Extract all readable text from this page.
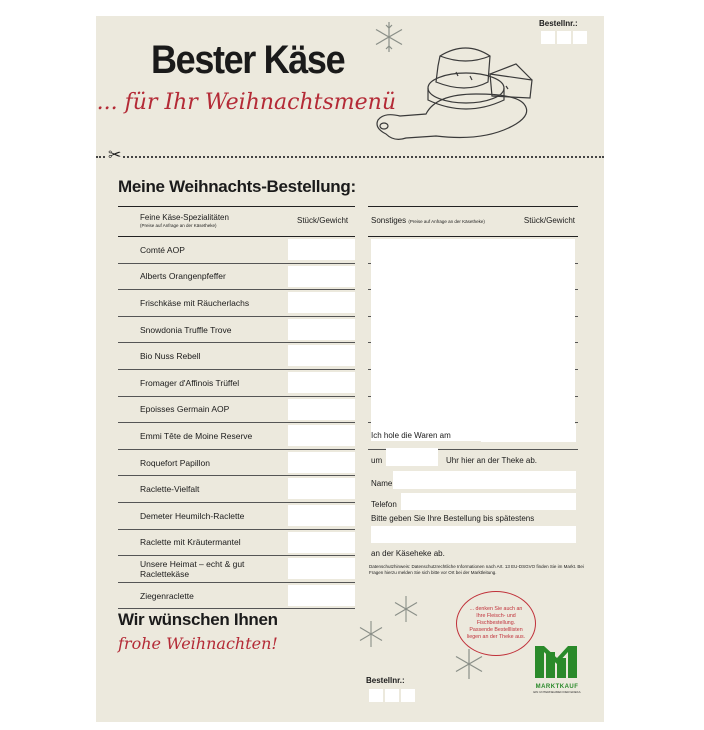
Bestellnr.:
Bester Käse
... für Ihr Weihnachtsmenü
✂
Meine Weihnachts-Bestellung:
Feine Käse-Spezialitäten
(Preise auf Anfrage an der Käsetheke)
Stück/Gewicht
Comté AOP
Alberts Orangenpfeffer
Frischkäse mit Räucherlachs
Snowdonia Truffle Trove
Bio Nuss Rebell
Fromager d'Affinois Trüffel
Epoisses Germain AOP
Emmi Tête de Moine Reserve
Roquefort Papillon
Raclette-Vielfalt
Demeter Heumilch-Raclette
Raclette mit Kräutermantel
Unsere Heimat – echt & gut Raclettekäse
Ziegenraclette
Sonstiges (Preise auf Anfrage an der Käsetheke)	Stück/Gewicht
Ich hole die Waren am
um	Uhr hier an der Theke ab.
Name
Telefon
Bitte geben Sie Ihre Bestellung bis spätestens
an der Käseheke ab.
Datenschutzhinweis: Datenschutzrechtliche Informationen nach Art. 13 EU-DSGVO finden Sie im Markt. Bei Fragen hierzu melden Sie sich bitte vor Ort bei der Marktleitung.
Wir wünschen Ihnen
frohe Weihnachten!
... denken Sie auch an Ihre Fleisch- und Fischbestellung. Passende Bestelllisten liegen an der Theke aus.
Bestellnr.:
MARKTKAUF
EIN UNTERNEHMEN DER EDEKA
